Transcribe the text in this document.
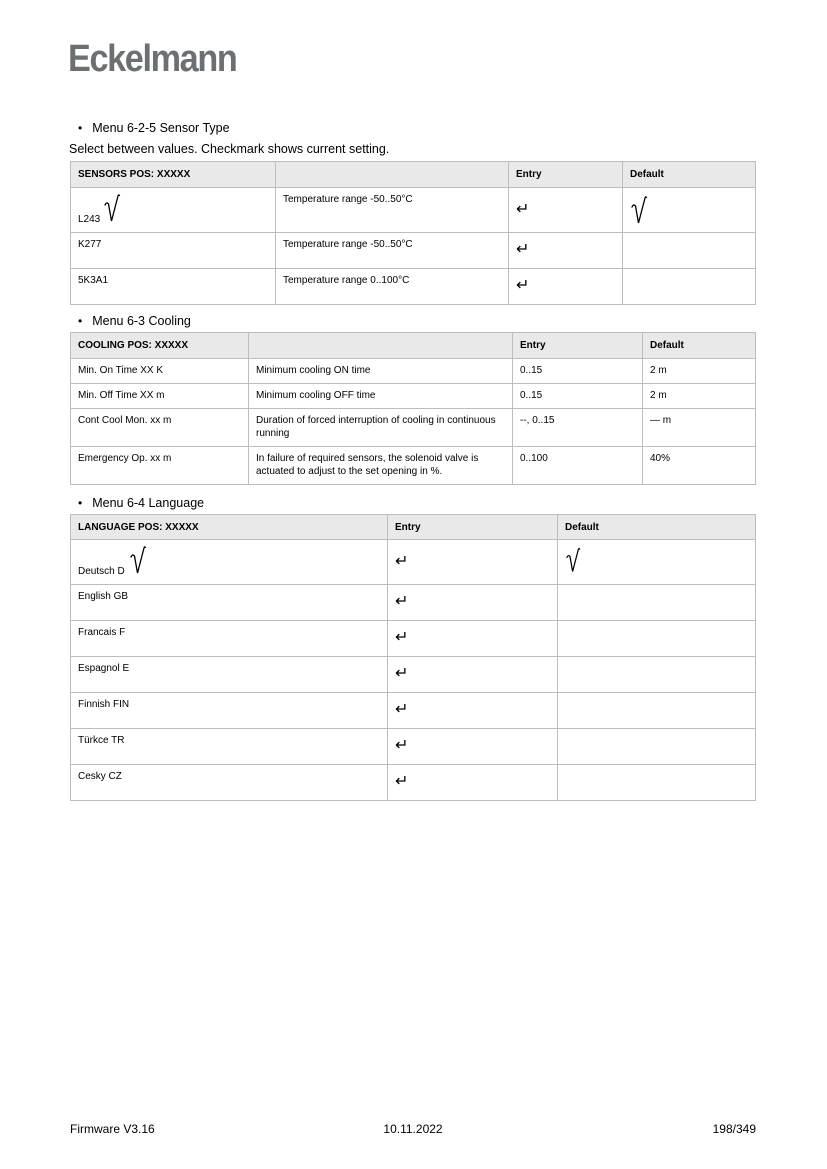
Eckelmann
• Menu 6-2-5 Sensor Type
Select between values. Checkmark shows current setting.
SENSORS POS: XXXXX		Entry	Default

L243	Temperature range -50..50°C	↵	

K277	Temperature range -50..50°C	↵	
5K3A1	Temperature range 0..100°C	↵	
• Menu 6-3 Cooling
COOLING POS: XXXXX		Entry	Default
Min. On Time XX K	Minimum cooling ON time	0..15	2 m
Min. Off Time XX m	Minimum cooling OFF time	0..15	2 m
Cont Cool Mon. xx m	Duration of forced interruption of cooling in continuous running	--, 0..15	— m
Emergency Op. xx m	In failure of required sensors, the solenoid valve is actuated to adjust to the set opening in %.	0..100	40%
• Menu 6-4 Language
LANGUAGE POS: XXXXX	Entry	Default

Deutsch D	↵	

English GB	↵	
Francais F	↵	
Espagnol E	↵	
Finnish FIN	↵	
Türkce TR	↵	
Cesky CZ	↵	
Firmware V3.16	10.11.2022	198/349
